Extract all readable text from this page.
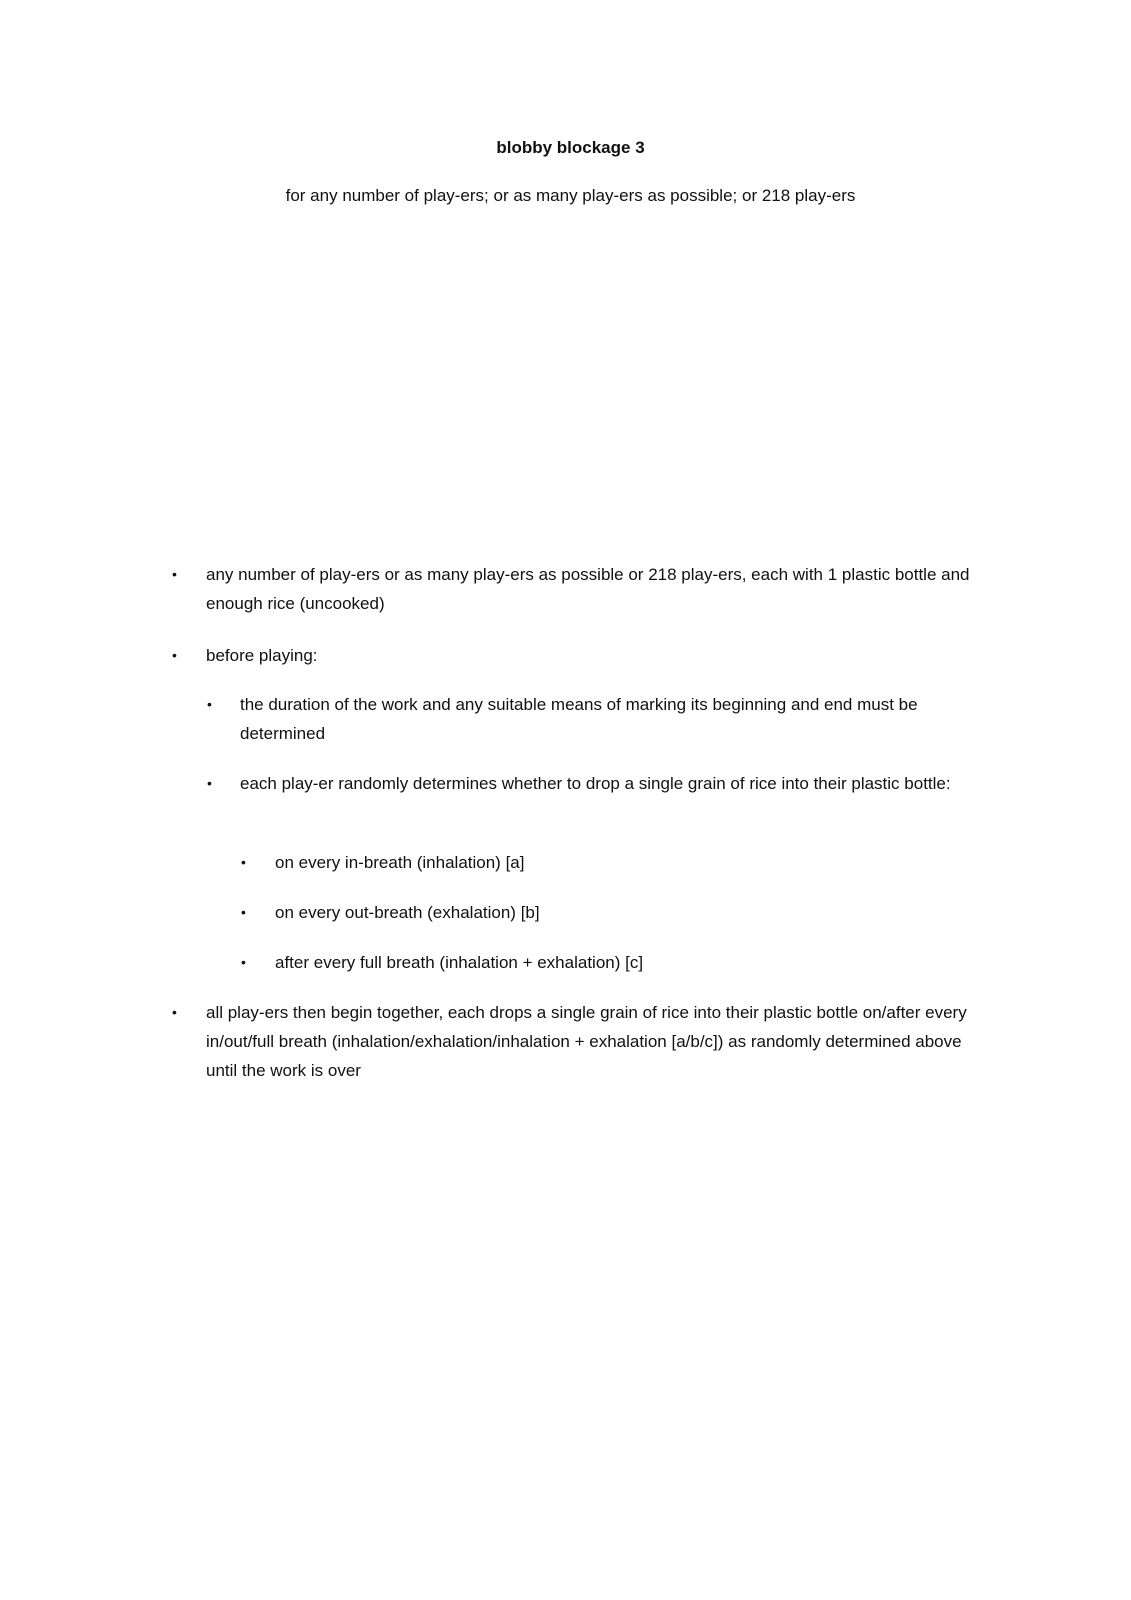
blobby blockage 3
for any number of play-ers; or as many play-ers as possible; or 218 play-ers
•	any number of play-ers or as many play-ers as possible or 218 play-ers, each with 1 plastic bottle and enough rice (uncooked)
•	before playing:
•	the duration of the work and any suitable means of marking its beginning and end must be determined
•	each play-er randomly determines whether to drop a single grain of rice into their plastic bottle:
•	on every in-breath (inhalation) [a]
•	on every out-breath (exhalation) [b]
•	after every full breath (inhalation + exhalation) [c]
•	all play-ers then begin together, each drops a single grain of rice into their plastic bottle on/after every in/out/full breath (inhalation/exhalation/inhalation + exhalation [a/b/c]) as randomly determined above until the work is over
